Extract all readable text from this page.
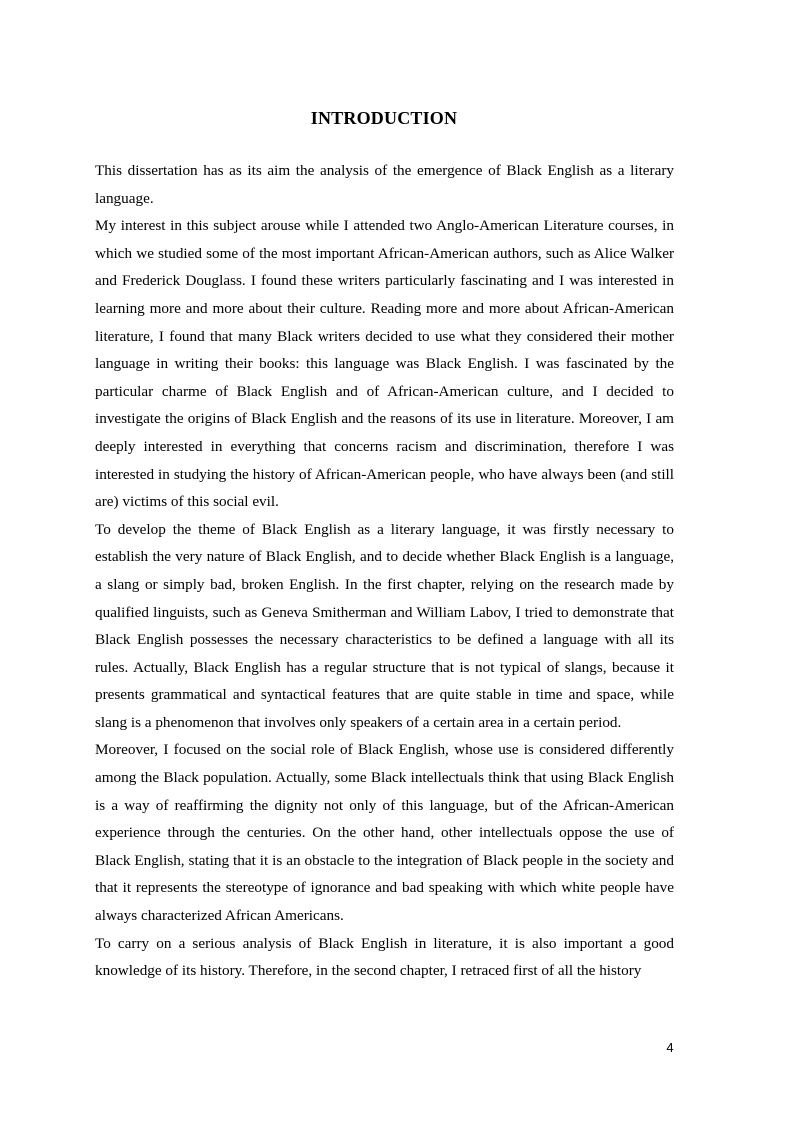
INTRODUCTION

This dissertation has as its aim the analysis of the emergence of Black English as a literary language.

My interest in this subject arouse while I attended two Anglo-American Literature courses, in which we studied some of the most important African-American authors, such as Alice Walker and Frederick Douglass. I found these writers particularly fascinating and I was interested in learning more and more about their culture. Reading more and more about African-American literature, I found that many Black writers decided to use what they considered their mother language in writing their books: this language was Black English. I was fascinated by the particular charme of Black English and of African-American culture, and I decided to investigate the origins of Black English and the reasons of its use in literature. Moreover, I am deeply interested in everything that concerns racism and discrimination, therefore I was interested in studying the history of African-American people, who have always been (and still are) victims of this social evil.

To develop the theme of Black English as a literary language, it was firstly necessary to establish the very nature of Black English, and to decide whether Black English is a language, a slang or simply bad, broken English. In the first chapter, relying on the research made by qualified linguists, such as Geneva Smitherman and William Labov, I tried to demonstrate that Black English possesses the necessary characteristics to be defined a language with all its rules. Actually, Black English has a regular structure that is not typical of slangs, because it presents grammatical and syntactical features that are quite stable in time and space, while slang is a phenomenon that involves only speakers of a certain area in a certain period.

Moreover, I focused on the social role of Black English, whose use is considered differently among the Black population. Actually, some Black intellectuals think that using Black English is a way of reaffirming the dignity not only of this language, but of the African-American experience through the centuries. On the other hand, other intellectuals oppose the use of Black English, stating that it is an obstacle to the integration of Black people in the society and that it represents the stereotype of ignorance and bad speaking with which white people have always characterized African Americans.

To carry on a serious analysis of Black English in literature, it is also important a good knowledge of its history. Therefore, in the second chapter, I retraced first of all the history

4
